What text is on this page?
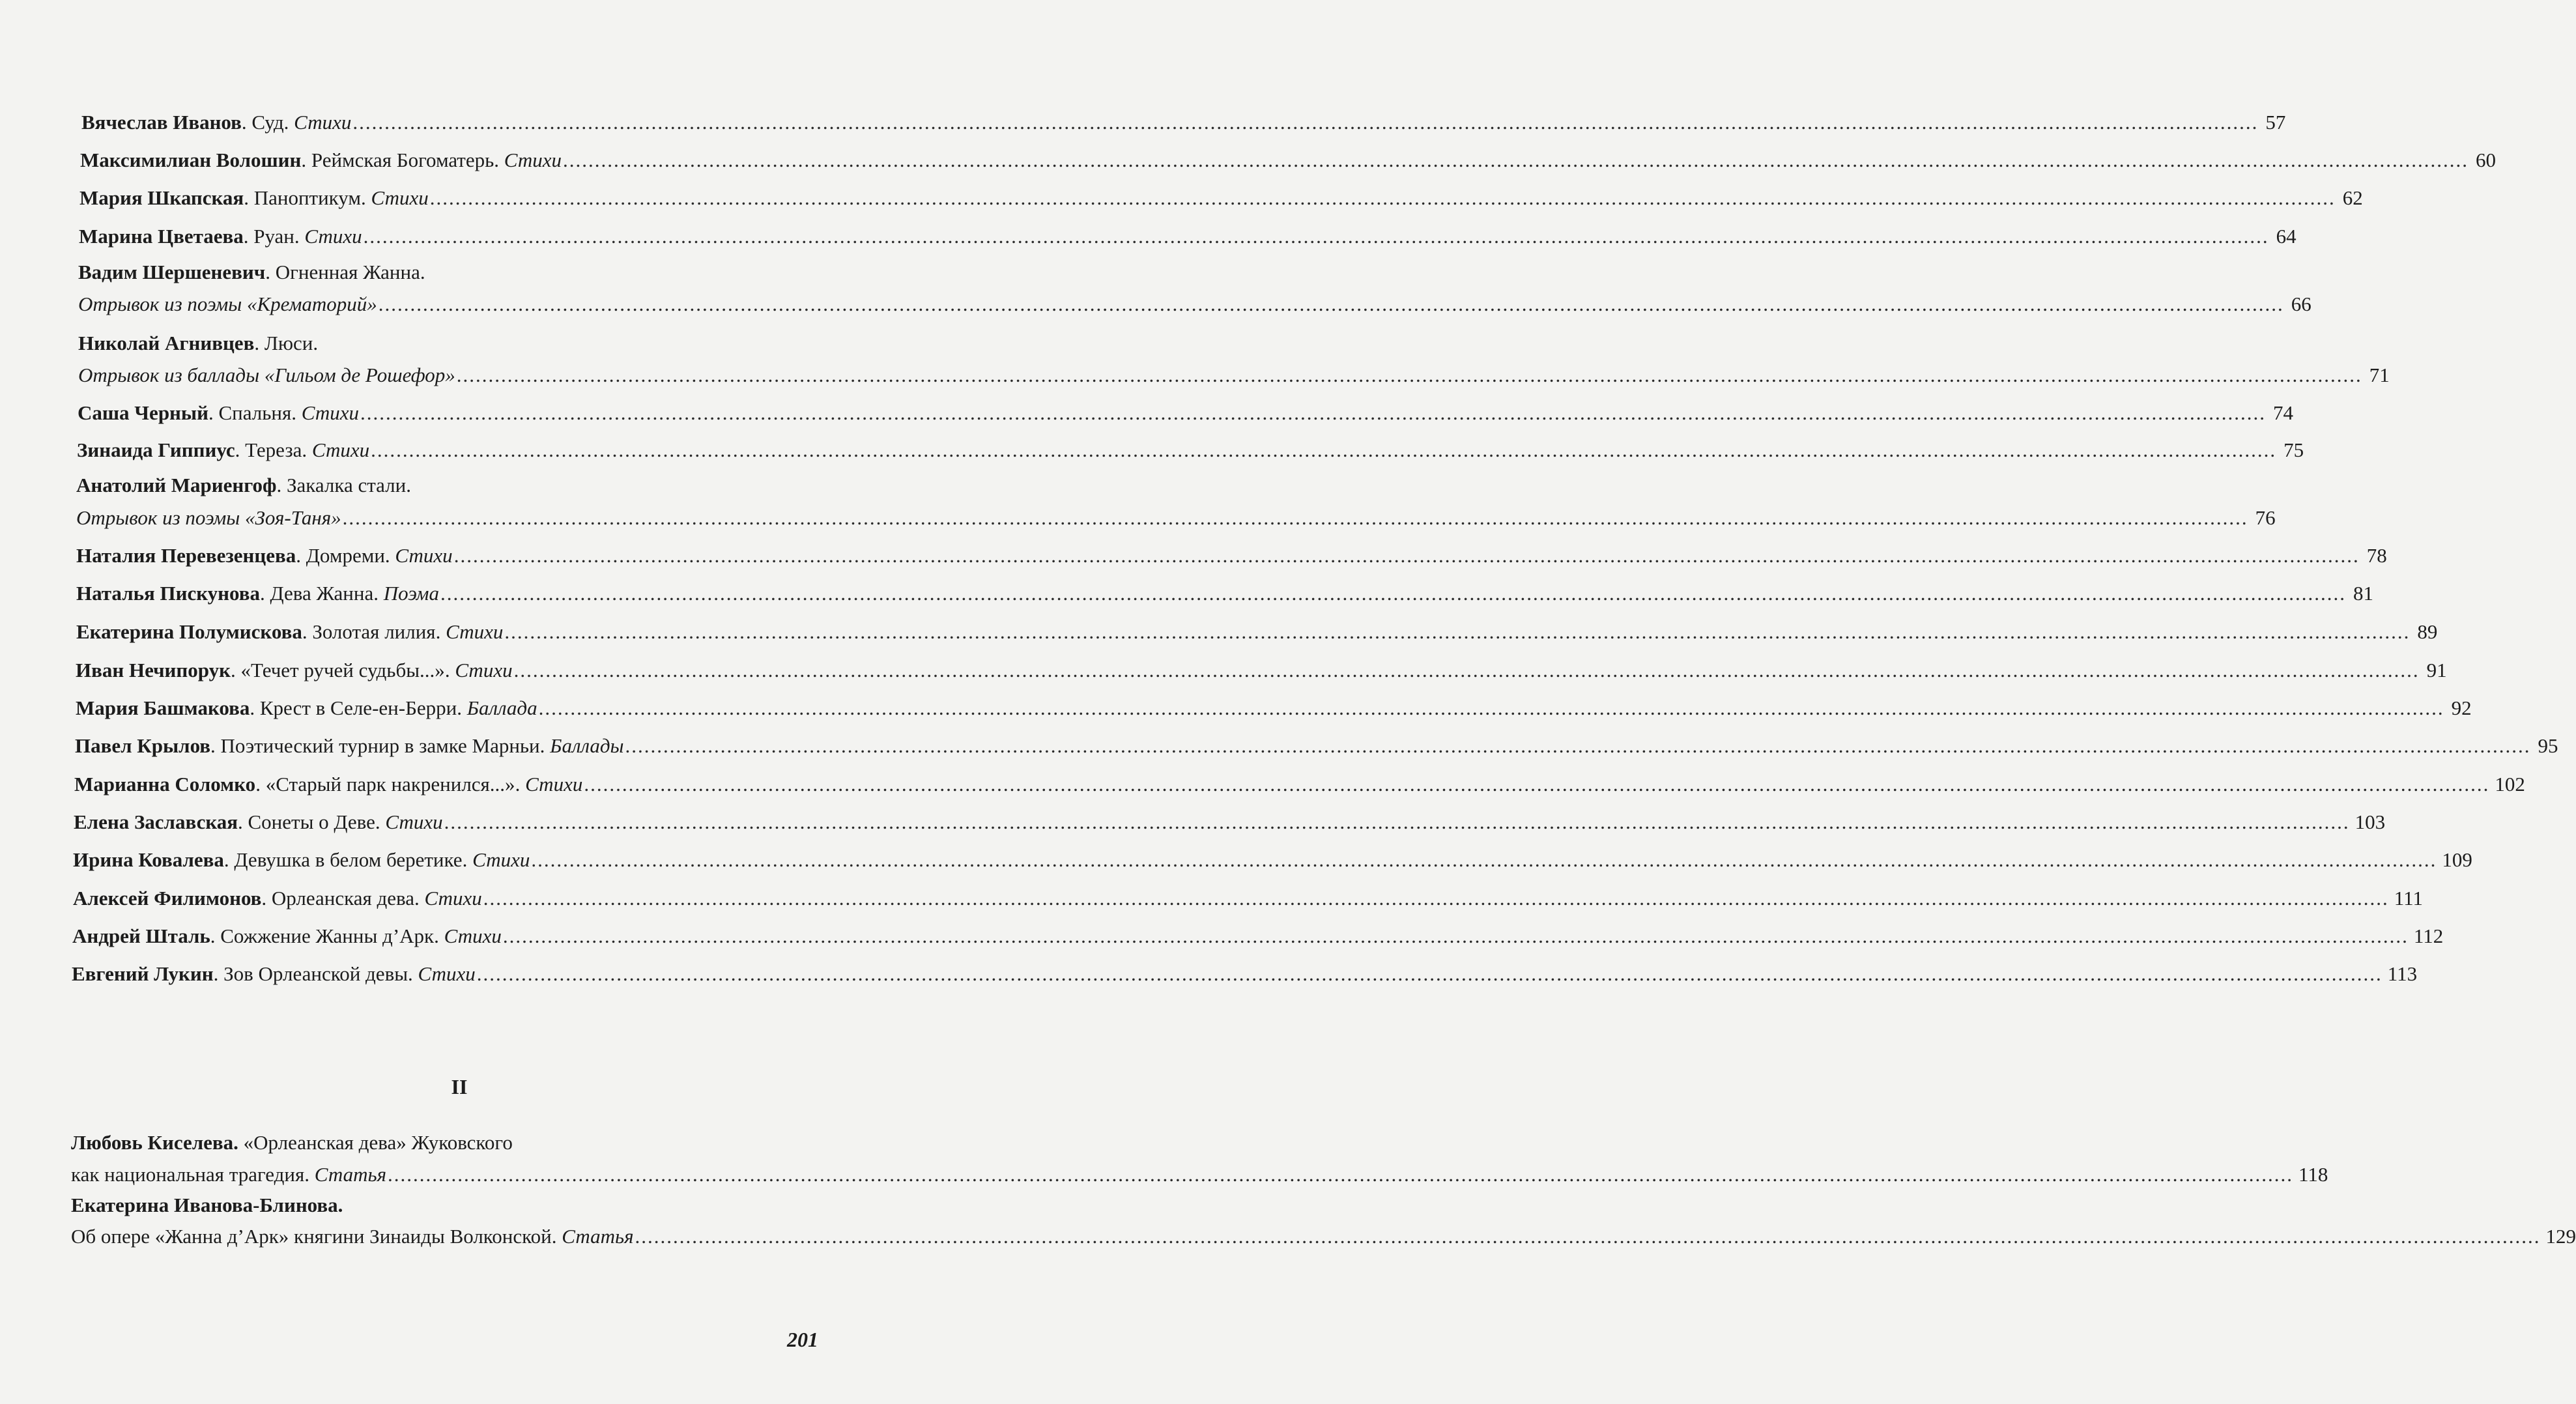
Вячеслав Иванов . Суд . Стихи ............................................................................................................................................................................................................................................................................................................ 57
Максимилиан Волошин . Реймская Богоматерь . Стихи ............................................................................................................................................................................................................................................................................................................ 60
Мария Шкапская . Паноптикум . Стихи ............................................................................................................................................................................................................................................................................................................ 62
Марина Цветаева . Руан . Стихи ............................................................................................................................................................................................................................................................................................................ 64
Вадим Шершеневич . Огненная Жанна.
Отрывок из поэмы «Крематорий» ............................................................................................................................................................................................................................................................................................................ 66
Николай Агнивцев . Люси.
Отрывок из баллады «Гильом де Рошефор» ............................................................................................................................................................................................................................................................................................................ 71
Саша Черный . Спальня . Стихи ............................................................................................................................................................................................................................................................................................................ 74
Зинаида Гиппиус . Тереза . Стихи ............................................................................................................................................................................................................................................................................................................ 75
Анатолий Мариенгоф . Закалка стали.
Отрывок из поэмы «Зоя-Таня» ............................................................................................................................................................................................................................................................................................................ 76
Наталия Перевезенцева . Домреми . Стихи ............................................................................................................................................................................................................................................................................................................ 78
Наталья Пискунова . Дева Жанна . Поэма ............................................................................................................................................................................................................................................................................................................ 81
Екатерина Полумискова . Золотая лилия . Стихи ............................................................................................................................................................................................................................................................................................................ 89
Иван Нечипорук . «Течет ручей судьбы...» . Стихи ............................................................................................................................................................................................................................................................................................................ 91
Мария Башмакова . Крест в Селе-ен-Берри . Баллада ............................................................................................................................................................................................................................................................................................................ 92
Павел Крылов . Поэтический турнир в замке Марньи . Баллады ............................................................................................................................................................................................................................................................................................................ 95
Марианна Соломко . «Старый парк накренился...» . Стихи ............................................................................................................................................................................................................................................................................................................ 102
Елена Заславская . Сонеты о Деве . Стихи ............................................................................................................................................................................................................................................................................................................ 103
Ирина Ковалева . Девушка в белом беретике . Стихи ............................................................................................................................................................................................................................................................................................................ 109
Алексей Филимонов . Орлеанская дева . Стихи ............................................................................................................................................................................................................................................................................................................ 111
Андрей Шталь . Сожжение Жанны д’Арк . Стихи ............................................................................................................................................................................................................................................................................................................ 112
Евгений Лукин . Зов Орлеанской девы . Стихи ............................................................................................................................................................................................................................................................................................................ 113
II
Любовь Киселева.
«Орлеанская дева» Жуковского
как национальная трагедия.
Статья ............................................................................................................................................................................................................................................................................................................ 118
Екатерина Иванова-Блинова.
Об опере «Жанна д’Арк» княгини Зинаиды Волконской.
Статья ............................................................................................................................................................................................................................................................................................................ 129
201
